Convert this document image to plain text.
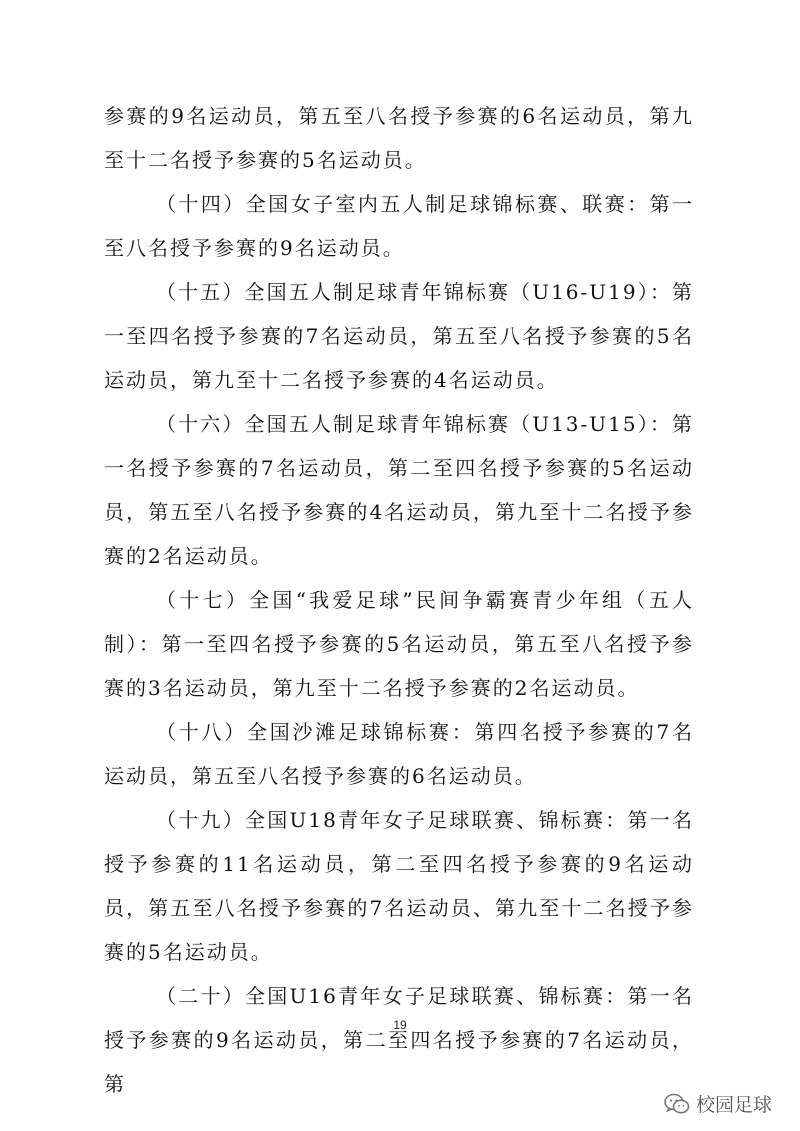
参赛的9名运动员，第五至八名授予参赛的6名运动员，第九至十二名授予参赛的5名运动员。

（十四）全国女子室内五人制足球锦标赛、联赛：第一至八名授予参赛的9名运动员。

（十五）全国五人制足球青年锦标赛（U16-U19）：第一至四名授予参赛的7名运动员，第五至八名授予参赛的5名运动员，第九至十二名授予参赛的4名运动员。

（十六）全国五人制足球青年锦标赛（U13-U15）：第一名授予参赛的7名运动员，第二至四名授予参赛的5名运动员，第五至八名授予参赛的4名运动员，第九至十二名授予参赛的2名运动员。

（十七）全国“我爱足球”民间争霸赛青少年组（五人制）：第一至四名授予参赛的5名运动员，第五至八名授予参赛的3名运动员，第九至十二名授予参赛的2名运动员。

（十八）全国沙滩足球锦标赛：第四名授予参赛的7名运动员，第五至八名授予参赛的6名运动员。

（十九）全国U18青年女子足球联赛、锦标赛：第一名授予参赛的11名运动员，第二至四名授予参赛的9名运动员，第五至八名授予参赛的7名运动员、第九至十二名授予参赛的5名运动员。

（二十）全国U16青年女子足球联赛、锦标赛：第一名授予参赛的9名运动员，第二至四名授予参赛的7名运动员，第

19
校园足球
